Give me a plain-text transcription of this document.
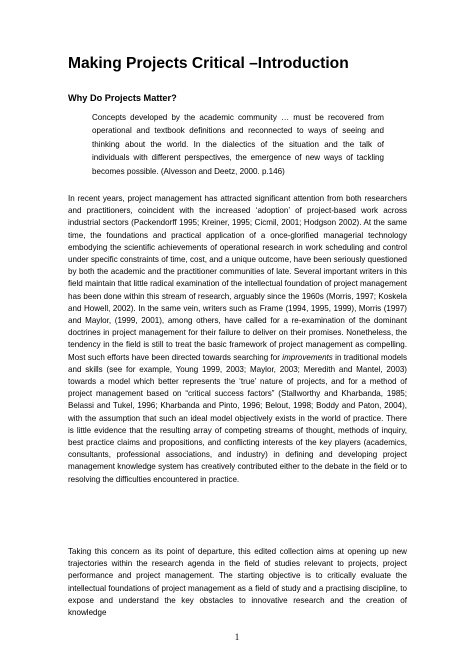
Making Projects Critical –Introduction
Why Do Projects Matter?

Concepts developed by the academic community … must be recovered from operational and textbook definitions and reconnected to ways of seeing and thinking about the world. In the dialectics of the situation and the talk of individuals with different perspectives, the emergence of new ways of tackling becomes possible. (Alvesson and Deetz, 2000. p.146)

In recent years, project management has attracted significant attention from both researchers and practitioners, coincident with the increased ‘adoption’ of project-based work across industrial sectors (Packendorff 1995; Kreiner, 1995; Cicmil, 2001; Hodgson 2002). At the same time, the foundations and practical application of a once-glorified managerial technology embodying the scientific achievements of operational research in work scheduling and control under specific constraints of time, cost, and a unique outcome, have been seriously questioned by both the academic and the practitioner communities of late. Several important writers in this field maintain that little radical examination of the intellectual foundation of project management has been done within this stream of research, arguably since the 1960s (Morris, 1997; Koskela and Howell, 2002). In the same vein, writers such as Frame (1994, 1995, 1999), Morris (1997) and Maylor, (1999, 2001), among others, have called for a re-examination of the dominant doctrines in project management for their failure to deliver on their promises. Nonetheless, the tendency in the field is still to treat the basic framework of project management as compelling. Most such efforts have been directed towards searching for improvements in traditional models and skills (see for example, Young 1999, 2003; Maylor, 2003; Meredith and Mantel, 2003) towards a model which better represents the ‘true’ nature of projects, and for a method of project management based on “critical success factors” (Stallworthy and Kharbanda, 1985; Belassi and Tukel, 1996; Kharbanda and Pinto, 1996; Belout, 1998; Boddy and Paton, 2004), with the assumption that such an ideal model objectively exists in the world of practice. There is little evidence that the resulting array of competing streams of thought, methods of inquiry, best practice claims and propositions, and conflicting interests of the key players (academics, consultants, professional associations, and industry) in defining and developing project management knowledge system has creatively contributed either to the debate in the field or to resolving the difficulties encountered in practice.

Taking this concern as its point of departure, this edited collection aims at opening up new trajectories within the research agenda in the field of studies relevant to projects, project performance and project management. The starting objective is to critically evaluate the intellectual foundations of project management as a field of study and a practising discipline, to expose and understand the key obstacles to innovative research and the creation of knowledge

1
